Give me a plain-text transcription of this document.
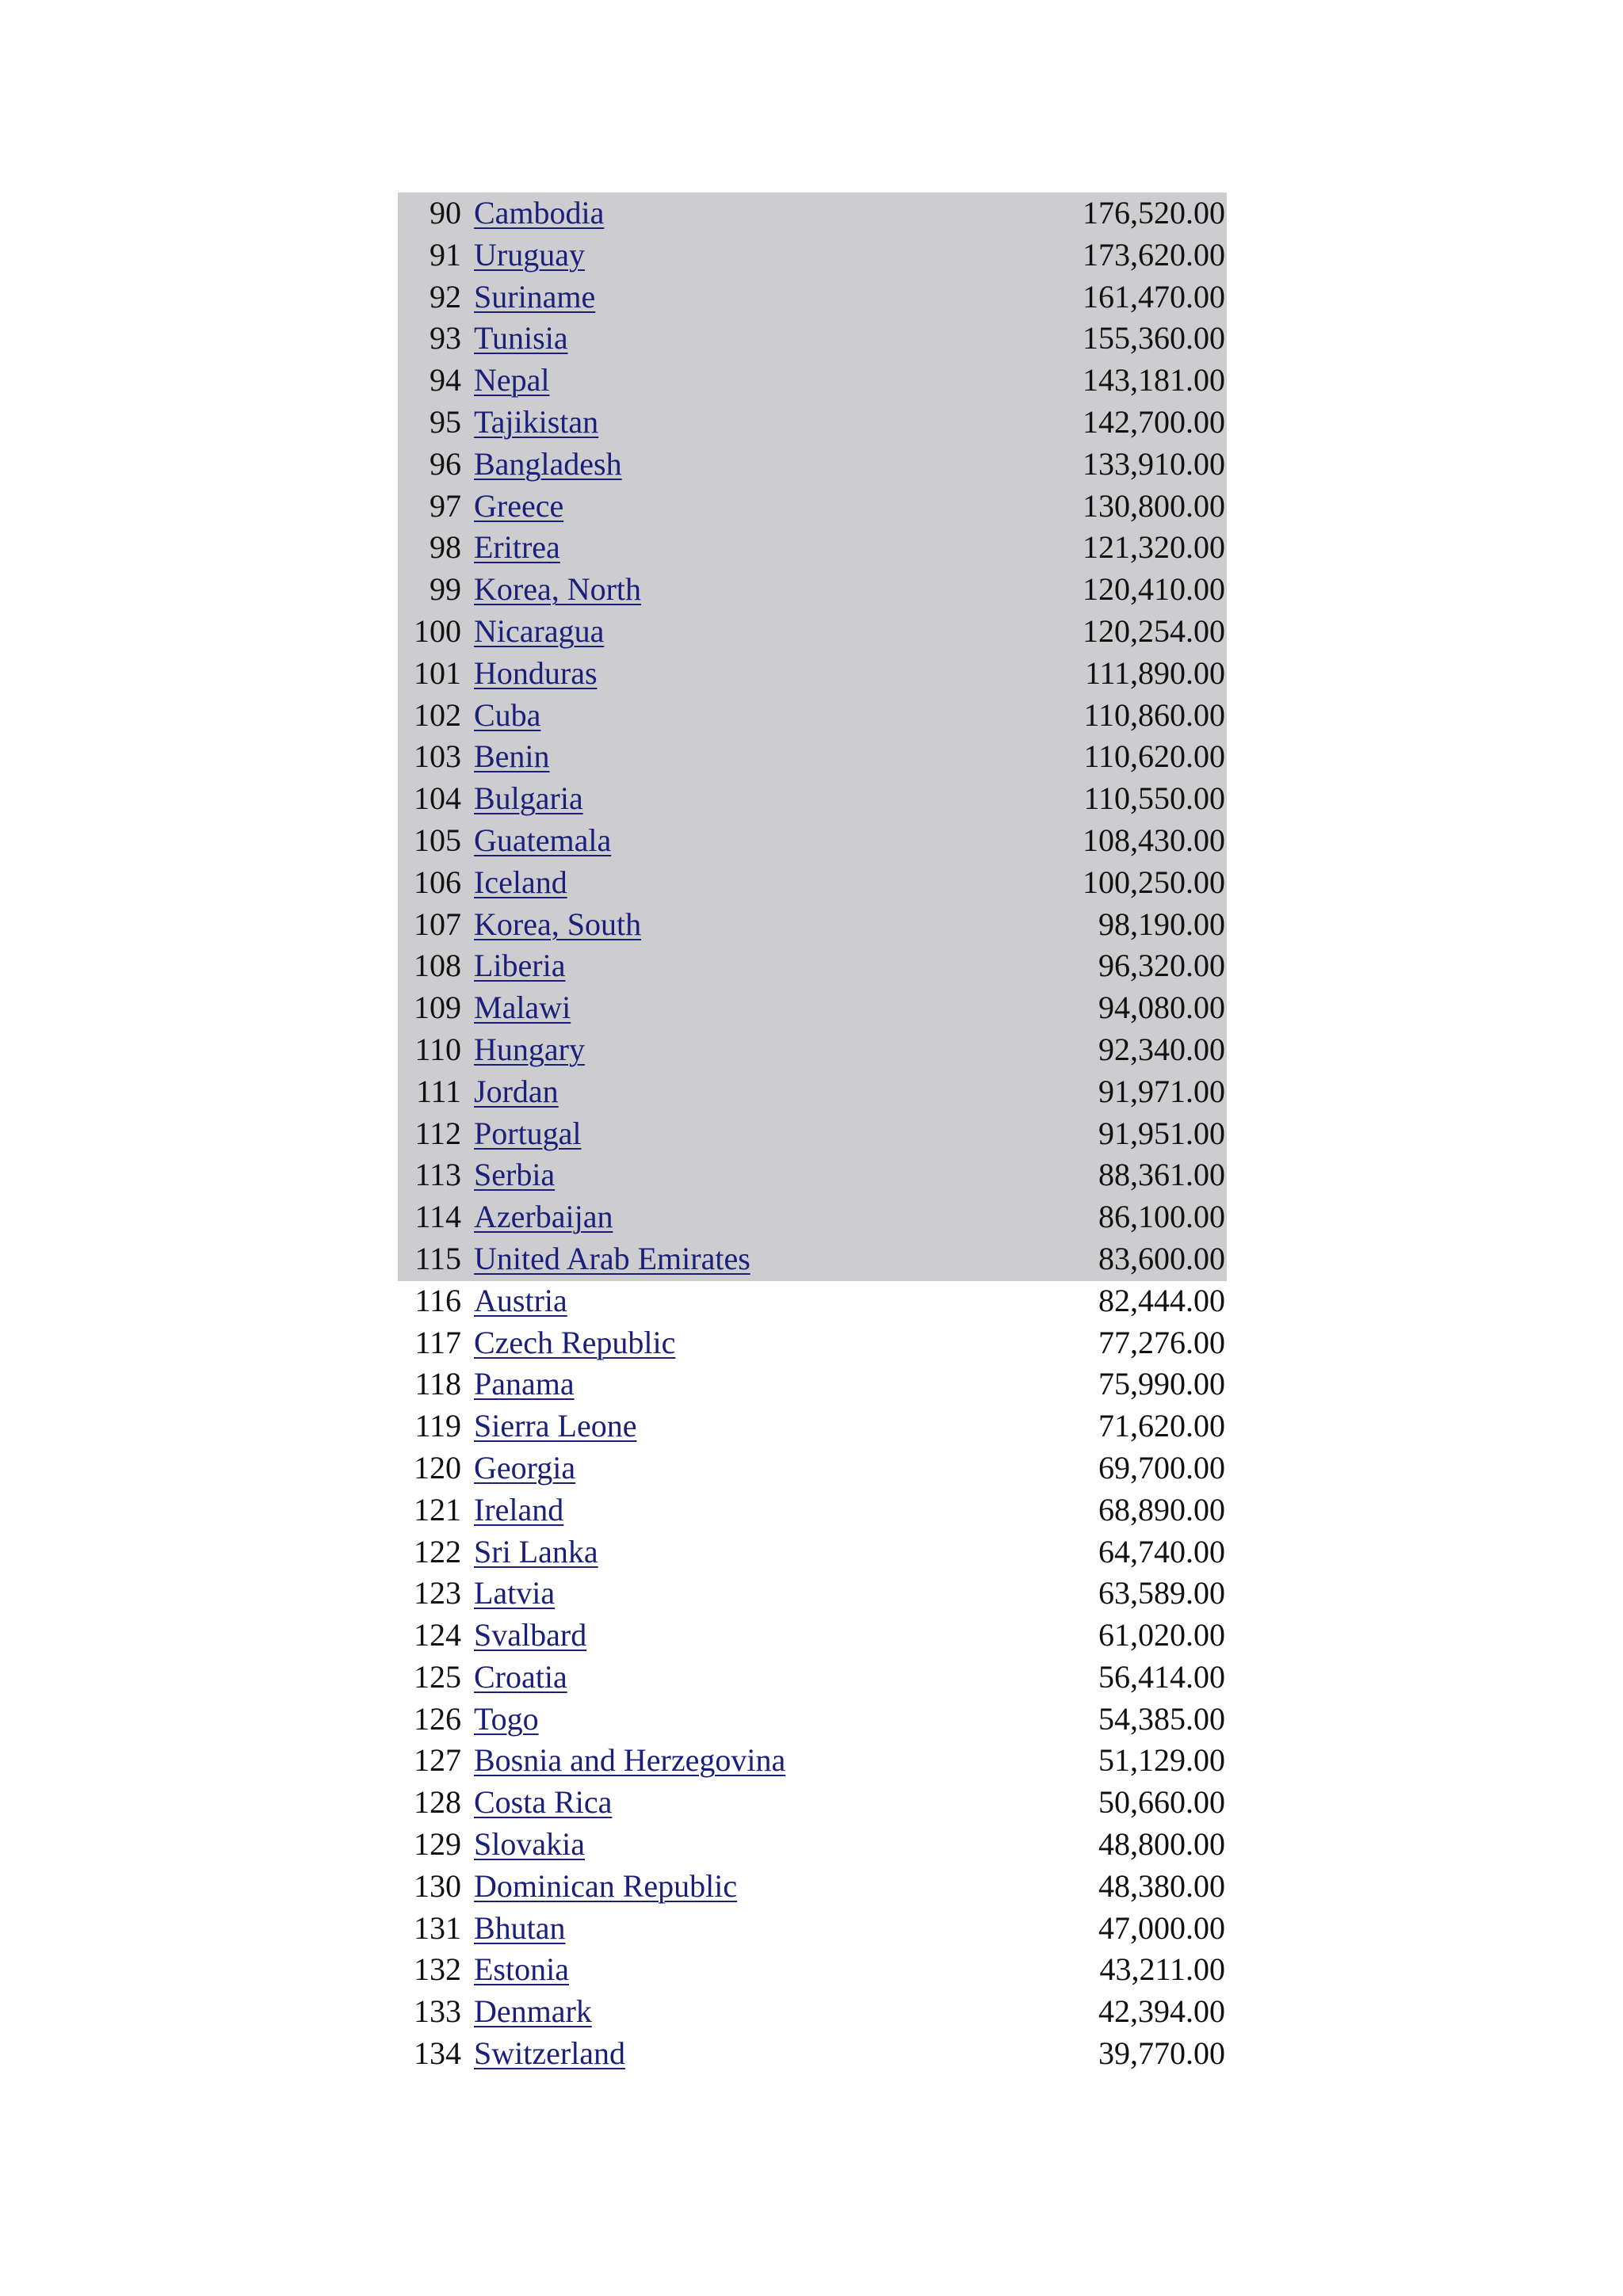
90	Cambodia	176,520.00
91	Uruguay	173,620.00
92	Suriname	161,470.00
93	Tunisia	155,360.00
94	Nepal	143,181.00
95	Tajikistan	142,700.00
96	Bangladesh	133,910.00
97	Greece	130,800.00
98	Eritrea	121,320.00
99	Korea, North	120,410.00
100	Nicaragua	120,254.00
101	Honduras	111,890.00
102	Cuba	110,860.00
103	Benin	110,620.00
104	Bulgaria	110,550.00
105	Guatemala	108,430.00
106	Iceland	100,250.00
107	Korea, South	98,190.00
108	Liberia	96,320.00
109	Malawi	94,080.00
110	Hungary	92,340.00
111	Jordan	91,971.00
112	Portugal	91,951.00
113	Serbia	88,361.00
114	Azerbaijan	86,100.00
115	United Arab Emirates	83,600.00
116	Austria	82,444.00
117	Czech Republic	77,276.00
118	Panama	75,990.00
119	Sierra Leone	71,620.00
120	Georgia	69,700.00
121	Ireland	68,890.00
122	Sri Lanka	64,740.00
123	Latvia	63,589.00
124	Svalbard	61,020.00
125	Croatia	56,414.00
126	Togo	54,385.00
127	Bosnia and Herzegovina	51,129.00
128	Costa Rica	50,660.00
129	Slovakia	48,800.00
130	Dominican Republic	48,380.00
131	Bhutan	47,000.00
132	Estonia	43,211.00
133	Denmark	42,394.00
134	Switzerland	39,770.00
